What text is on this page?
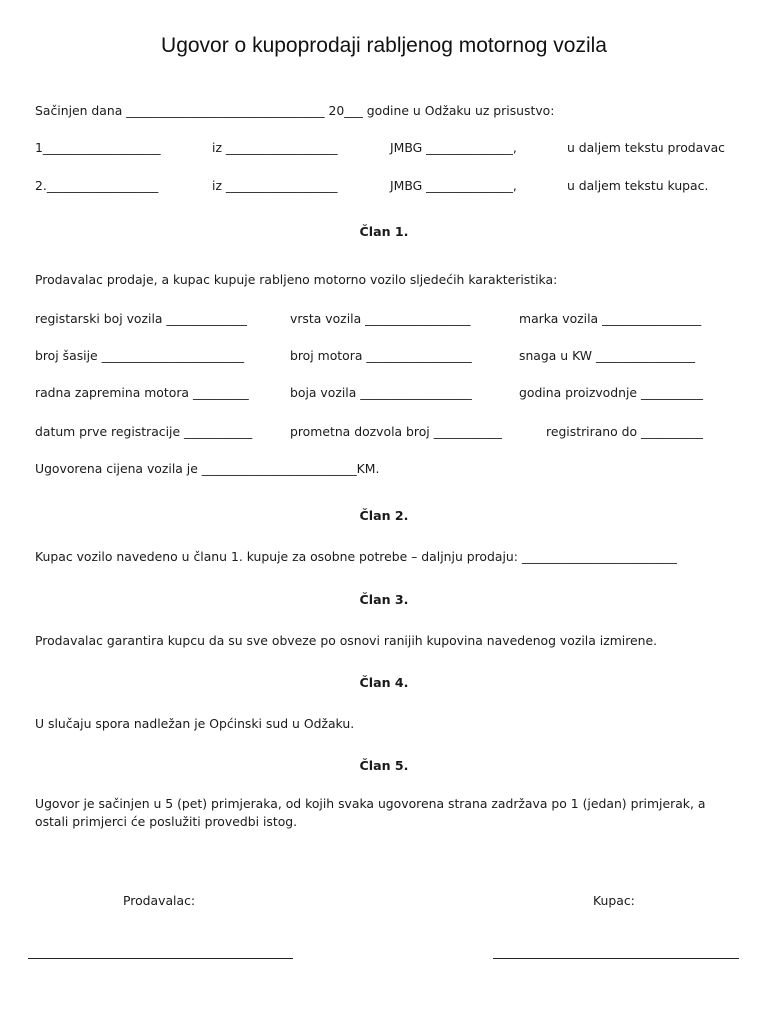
Ugovor o kupoprodaji rabljenog motornog vozila
Sačinjen dana ________________________________ 20___ godine u Odžaku uz prisustvo:
1___________________	iz __________________	JMBG ______________,	u daljem tekstu prodavac
2.__________________	iz __________________	JMBG ______________,	u daljem tekstu kupac.
Član 1.
Prodavalac prodaje, a kupac kupuje rabljeno motorno vozilo sljedećih karakteristika:
registarski boj vozila _____________	vrsta vozila _________________	marka vozila ________________
broj šasije _______________________	broj motora _________________	snaga u KW ________________
radna zapremina motora _________	boja vozila __________________	godina proizvodnje __________
datum prve registracije ___________	prometna dozvola broj ___________	registrirano do __________
Ugovorena cijena vozila je _________________________KM.
Član 2.
Kupac vozilo navedeno u članu 1. kupuje za osobne potrebe – daljnju prodaju: _________________________
Član 3.
Prodavalac garantira kupcu da su sve obveze po osnovi ranijih kupovina navedenog vozila izmirene.
Član 4.
U slučaju spora nadležan je Općinski sud u Odžaku.
Član 5.
Ugovor je sačinjen u 5 (pet) primjeraka, od kojih svaka ugovorena strana zadržava po 1 (jedan) primjerak, a ostali primjerci će poslužiti provedbi istog.
Prodavalac:	Kupac:
